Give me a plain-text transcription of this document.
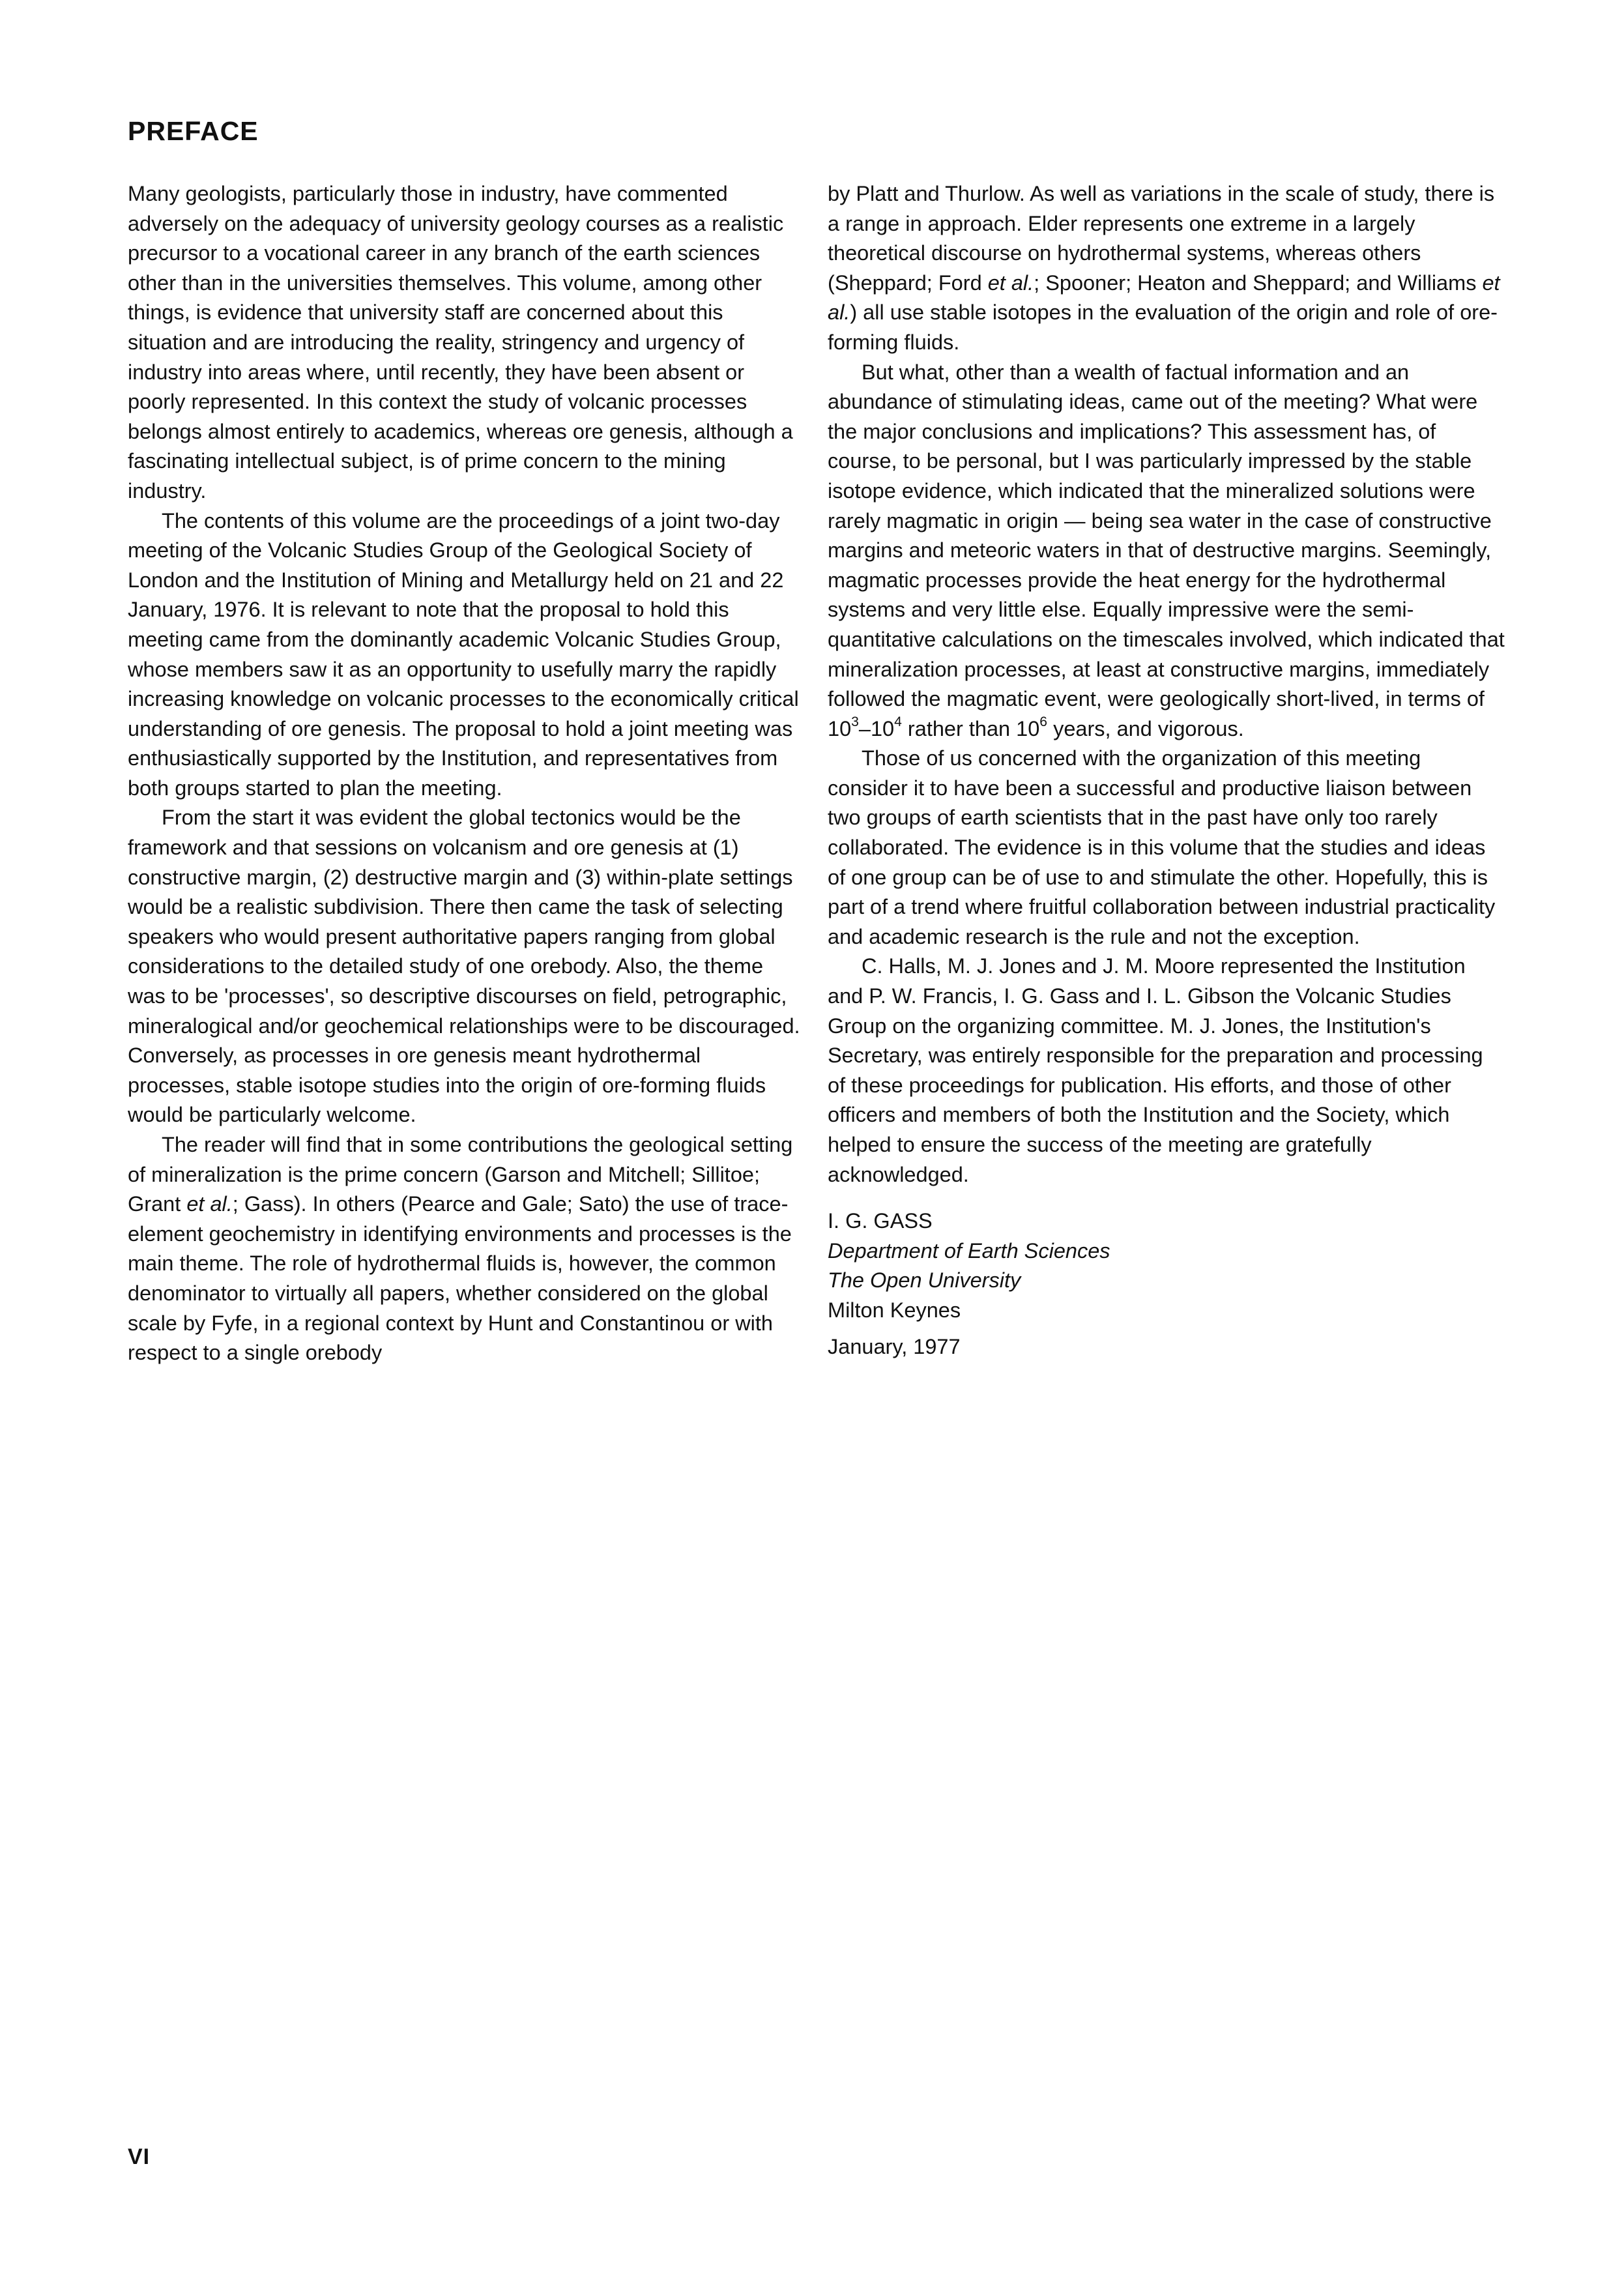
PREFACE

Many geologists, particularly those in industry, have commented adversely on the adequacy of university geology courses as a realistic precursor to a vocational career in any branch of the earth sciences other than in the universities themselves. This volume, among other things, is evidence that university staff are concerned about this situation and are introducing the reality, stringency and urgency of industry into areas where, until recently, they have been absent or poorly represented. In this context the study of volcanic processes belongs almost entirely to academics, whereas ore genesis, although a fascinating intellectual subject, is of prime concern to the mining industry.

The contents of this volume are the proceedings of a joint two-day meeting of the Volcanic Studies Group of the Geological Society of London and the Institution of Mining and Metallurgy held on 21 and 22 January, 1976. It is relevant to note that the proposal to hold this meeting came from the dominantly academic Volcanic Studies Group, whose members saw it as an opportunity to usefully marry the rapidly increasing knowledge on volcanic processes to the economically critical understanding of ore genesis. The proposal to hold a joint meeting was enthusiastically supported by the Institution, and representatives from both groups started to plan the meeting.

From the start it was evident the global tectonics would be the framework and that sessions on volcanism and ore genesis at (1) constructive margin, (2) destructive margin and (3) within-plate settings would be a realistic subdivision. There then came the task of selecting speakers who would present authoritative papers ranging from global considerations to the detailed study of one orebody. Also, the theme was to be 'processes', so descriptive discourses on field, petrographic, mineralogical and/or geochemical relationships were to be discouraged. Conversely, as processes in ore genesis meant hydrothermal processes, stable isotope studies into the origin of ore-forming fluids would be particularly welcome.

The reader will find that in some contributions the geological setting of mineralization is the prime concern (Garson and Mitchell; Sillitoe; Grant et al.; Gass). In others (Pearce and Gale; Sato) the use of trace-element geochemistry in identifying environments and processes is the main theme. The role of hydrothermal fluids is, however, the common denominator to virtually all papers, whether considered on the global scale by Fyfe, in a regional context by Hunt and Constantinou or with respect to a single orebody

by Platt and Thurlow. As well as variations in the scale of study, there is a range in approach. Elder represents one extreme in a largely theoretical discourse on hydrothermal systems, whereas others (Sheppard; Ford et al.; Spooner; Heaton and Sheppard; and Williams et al.) all use stable isotopes in the evaluation of the origin and role of ore-forming fluids.

But what, other than a wealth of factual information and an abundance of stimulating ideas, came out of the meeting? What were the major conclusions and implications? This assessment has, of course, to be personal, but I was particularly impressed by the stable isotope evidence, which indicated that the mineralized solutions were rarely magmatic in origin — being sea water in the case of constructive margins and meteoric waters in that of destructive margins. Seemingly, magmatic processes provide the heat energy for the hydrothermal systems and very little else. Equally impressive were the semi-quantitative calculations on the timescales involved, which indicated that mineralization processes, at least at constructive margins, immediately followed the magmatic event, were geologically short-lived, in terms of $10^3-10^4$ rather than $10^6$ years, and vigorous.

Those of us concerned with the organization of this meeting consider it to have been a successful and productive liaison between two groups of earth scientists that in the past have only too rarely collaborated. The evidence is in this volume that the studies and ideas of one group can be of use to and stimulate the other. Hopefully, this is part of a trend where fruitful collaboration between industrial practicality and academic research is the rule and not the exception.

C. Halls, M. J. Jones and J. M. Moore represented the Institution and P. W. Francis, I. G. Gass and I. L. Gibson the Volcanic Studies Group on the organizing committee. M. J. Jones, the Institution's Secretary, was entirely responsible for the preparation and processing of these proceedings for publication. His efforts, and those of other officers and members of both the Institution and the Society, which helped to ensure the success of the meeting are gratefully acknowledged.

I. G. GASS
Department of Earth Sciences
The Open University
Milton Keynes
January, 1977

VI
